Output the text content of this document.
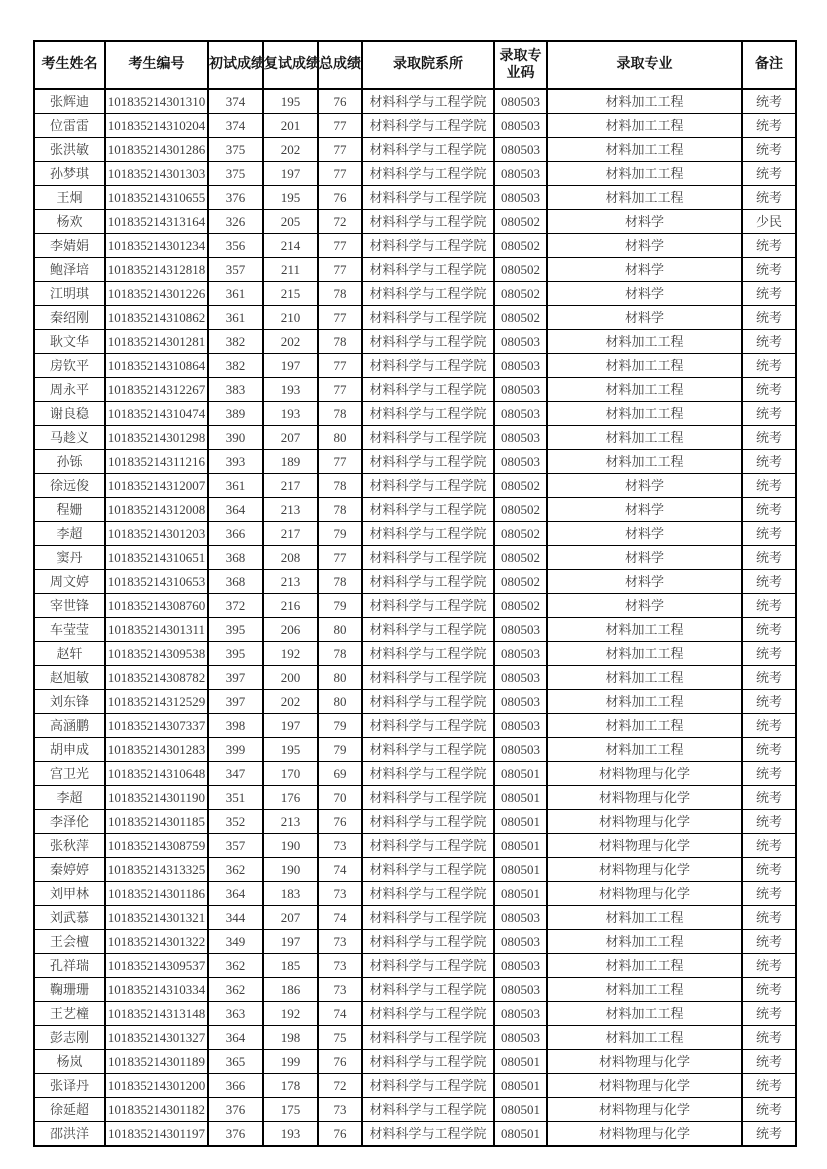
考生姓名	考生编号	初试成绩	复试成绩	总成绩	录取院系所	录取专业码	录取专业	备注
张辉迪	101835214301310	374	195	76	材料科学与工程学院	080503	材料加工工程	统考
位雷雷	101835214310204	374	201	77	材料科学与工程学院	080503	材料加工工程	统考
张洪敏	101835214301286	375	202	77	材料科学与工程学院	080503	材料加工工程	统考
孙梦琪	101835214301303	375	197	77	材料科学与工程学院	080503	材料加工工程	统考
王炯	101835214310655	376	195	76	材料科学与工程学院	080503	材料加工工程	统考
杨欢	101835214313164	326	205	72	材料科学与工程学院	080502	材料学	少民
李婧娟	101835214301234	356	214	77	材料科学与工程学院	080502	材料学	统考
鲍泽培	101835214312818	357	211	77	材料科学与工程学院	080502	材料学	统考
江明琪	101835214301226	361	215	78	材料科学与工程学院	080502	材料学	统考
秦绍刚	101835214310862	361	210	77	材料科学与工程学院	080502	材料学	统考
耿文华	101835214301281	382	202	78	材料科学与工程学院	080503	材料加工工程	统考
房钦平	101835214310864	382	197	77	材料科学与工程学院	080503	材料加工工程	统考
周永平	101835214312267	383	193	77	材料科学与工程学院	080503	材料加工工程	统考
谢良稳	101835214310474	389	193	78	材料科学与工程学院	080503	材料加工工程	统考
马趁义	101835214301298	390	207	80	材料科学与工程学院	080503	材料加工工程	统考
孙铄	101835214311216	393	189	77	材料科学与工程学院	080503	材料加工工程	统考
徐远俊	101835214312007	361	217	78	材料科学与工程学院	080502	材料学	统考
程姗	101835214312008	364	213	78	材料科学与工程学院	080502	材料学	统考
李超	101835214301203	366	217	79	材料科学与工程学院	080502	材料学	统考
窦丹	101835214310651	368	208	77	材料科学与工程学院	080502	材料学	统考
周文婷	101835214310653	368	213	78	材料科学与工程学院	080502	材料学	统考
宰世锋	101835214308760	372	216	79	材料科学与工程学院	080502	材料学	统考
车莹莹	101835214301311	395	206	80	材料科学与工程学院	080503	材料加工工程	统考
赵轩	101835214309538	395	192	78	材料科学与工程学院	080503	材料加工工程	统考
赵旭敏	101835214308782	397	200	80	材料科学与工程学院	080503	材料加工工程	统考
刘东锋	101835214312529	397	202	80	材料科学与工程学院	080503	材料加工工程	统考
高涵鹏	101835214307337	398	197	79	材料科学与工程学院	080503	材料加工工程	统考
胡申成	101835214301283	399	195	79	材料科学与工程学院	080503	材料加工工程	统考
宫卫光	101835214310648	347	170	69	材料科学与工程学院	080501	材料物理与化学	统考
李超	101835214301190	351	176	70	材料科学与工程学院	080501	材料物理与化学	统考
李泽伦	101835214301185	352	213	76	材料科学与工程学院	080501	材料物理与化学	统考
张秋萍	101835214308759	357	190	73	材料科学与工程学院	080501	材料物理与化学	统考
秦婷婷	101835214313325	362	190	74	材料科学与工程学院	080501	材料物理与化学	统考
刘甲林	101835214301186	364	183	73	材料科学与工程学院	080501	材料物理与化学	统考
刘武慕	101835214301321	344	207	74	材料科学与工程学院	080503	材料加工工程	统考
王会檀	101835214301322	349	197	73	材料科学与工程学院	080503	材料加工工程	统考
孔祥瑞	101835214309537	362	185	73	材料科学与工程学院	080503	材料加工工程	统考
鞠珊珊	101835214310334	362	186	73	材料科学与工程学院	080503	材料加工工程	统考
王艺橦	101835214313148	363	192	74	材料科学与工程学院	080503	材料加工工程	统考
彭志刚	101835214301327	364	198	75	材料科学与工程学院	080503	材料加工工程	统考
杨岚	101835214301189	365	199	76	材料科学与工程学院	080501	材料物理与化学	统考
张译丹	101835214301200	366	178	72	材料科学与工程学院	080501	材料物理与化学	统考
徐延超	101835214301182	376	175	73	材料科学与工程学院	080501	材料物理与化学	统考
邵洪洋	101835214301197	376	193	76	材料科学与工程学院	080501	材料物理与化学	统考
